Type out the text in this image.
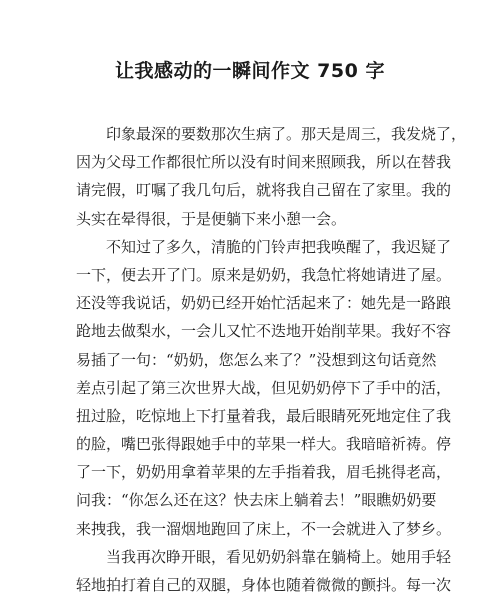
让我感动的一瞬间作文 750 字
印象最深的要数那次生病了。那天是周三，我发烧了，
因为父母工作都很忙所以没有时间来照顾我，所以在替我
请完假，叮嘱了我几句后，就将我自己留在了家里。我的
头实在晕得很，于是便躺下来小憩一会。
不知过了多久，清脆的门铃声把我唤醒了，我迟疑了
一下，便去开了门。原来是奶奶，我急忙将她请进了屋。
还没等我说话，奶奶已经开始忙活起来了：她先是一路踉
跄地去做梨水，一会儿又忙不迭地开始削苹果。我好不容
易插了一句：“奶奶，您怎么来了？”没想到这句话竟然
差点引起了第三次世界大战，但见奶奶停下了手中的活，
扭过脸，吃惊地上下打量着我，最后眼睛死死地定住了我
的脸，嘴巴张得跟她手中的苹果一样大。我暗暗祈祷。停
了一下，奶奶用拿着苹果的左手指着我，眉毛挑得老高，
问我：“你怎么还在这？快去床上躺着去！”眼瞧奶奶要
来拽我，我一溜烟地跑回了床上，不一会就进入了梦乡。
当我再次睁开眼，看见奶奶斜靠在躺椅上。她用手轻
轻地拍打着自己的双腿，身体也随着微微的颤抖。每一次
